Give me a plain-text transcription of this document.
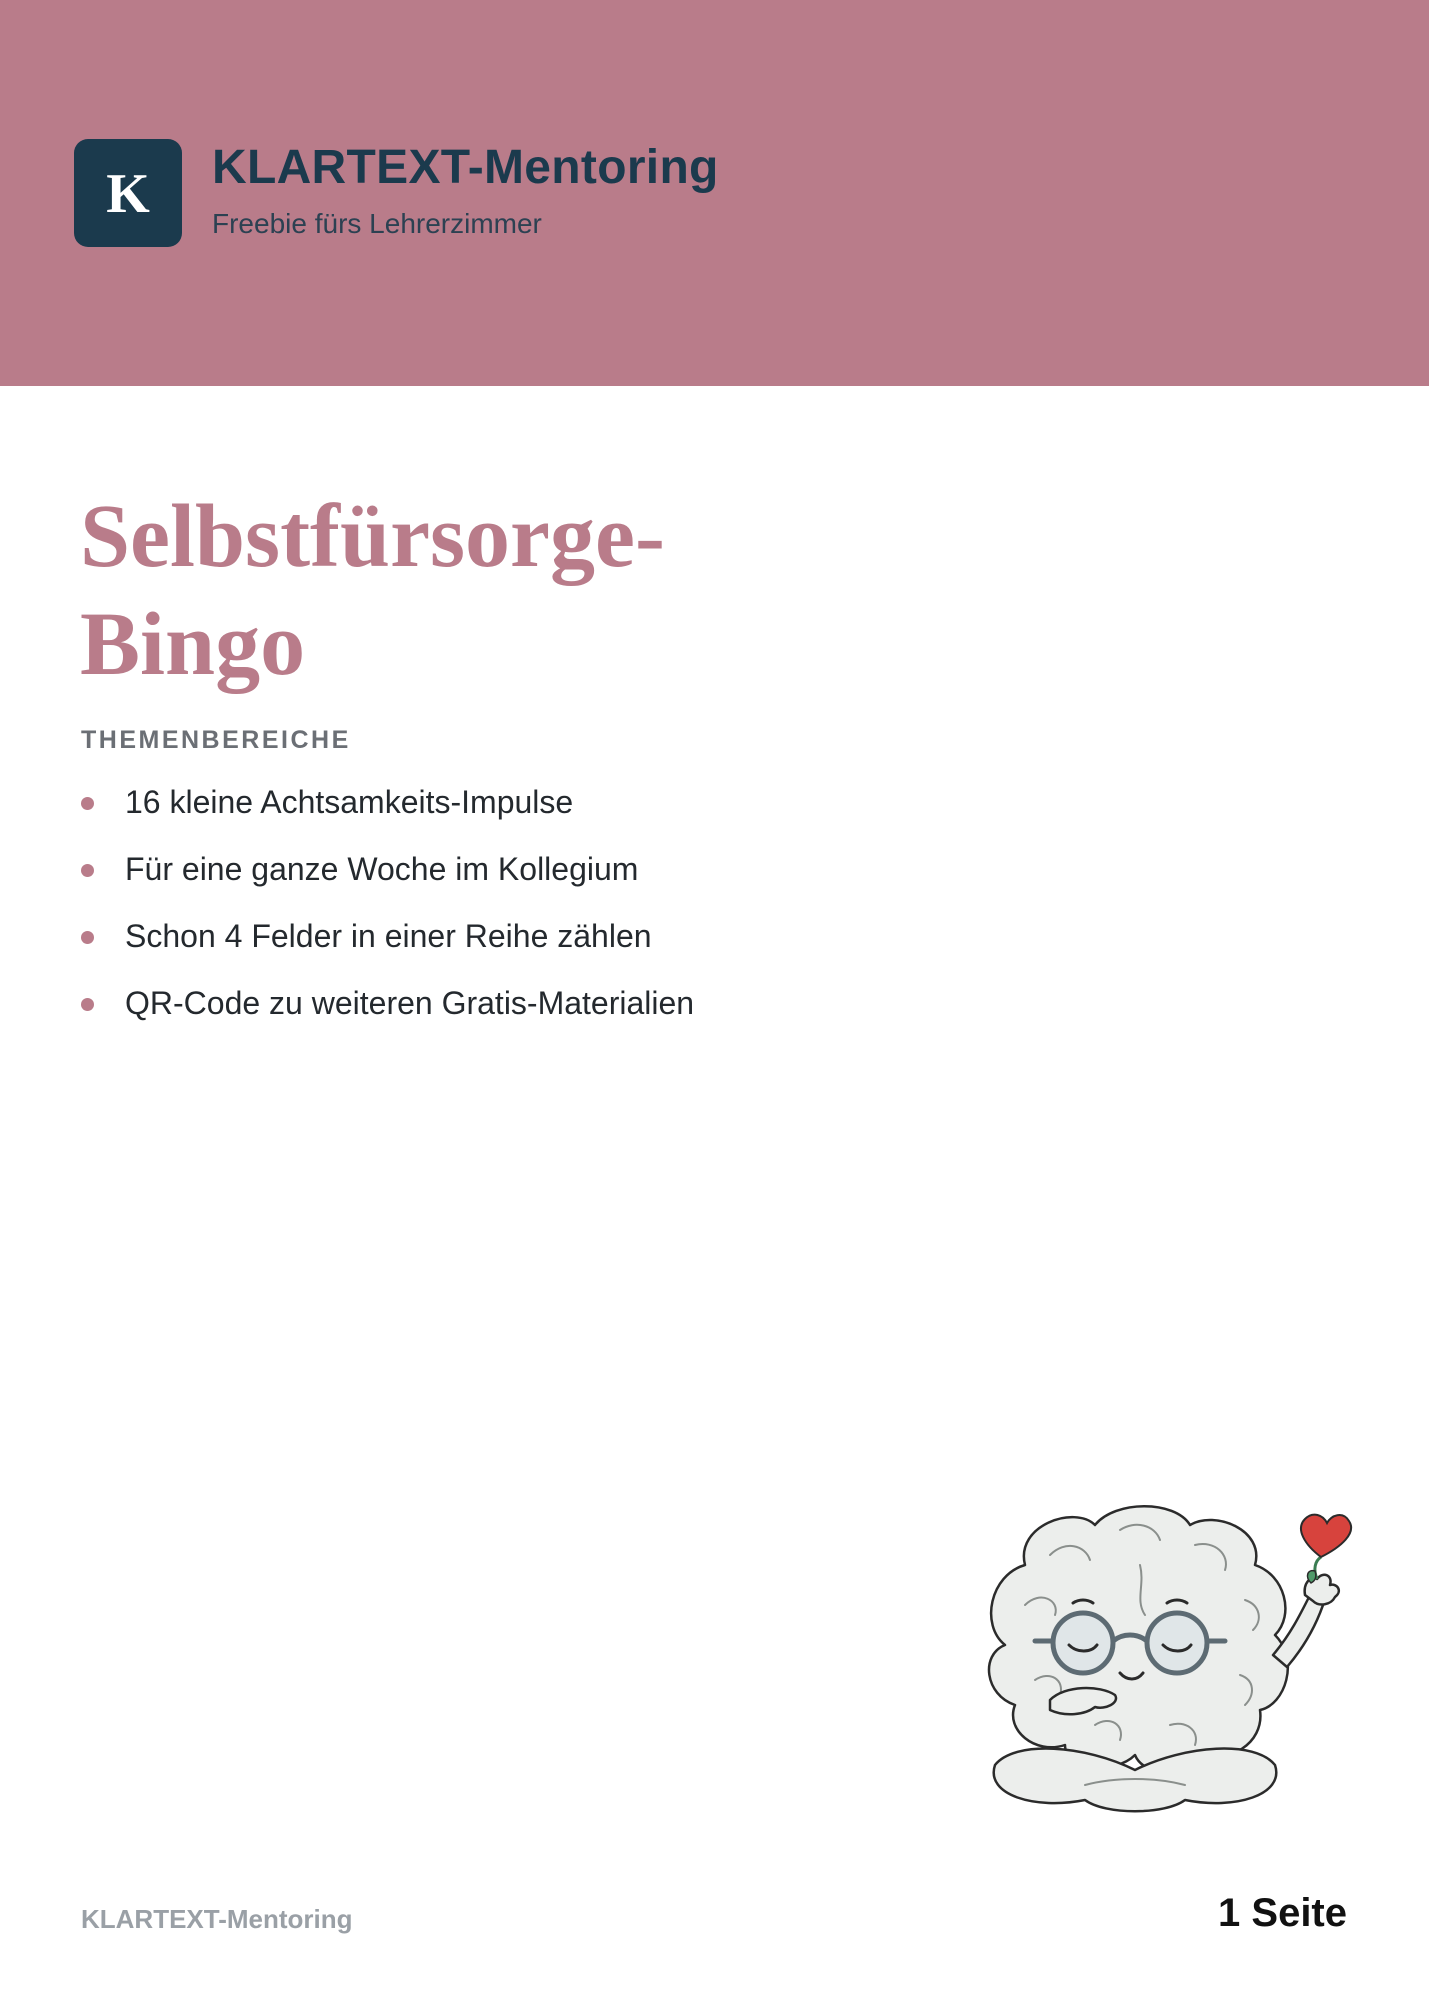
K KLARTEXT-Mentoring
Freebie fürs Lehrerzimmer
Selbstfürsorge-
Bingo
THEMENBEREICHE
16 kleine Achtsamkeits-Impulse
Für eine ganze Woche im Kollegium
Schon 4 Felder in einer Reihe zählen
QR-Code zu weiteren Gratis-Materialien
KLARTEXT-Mentoring	1 Seite
